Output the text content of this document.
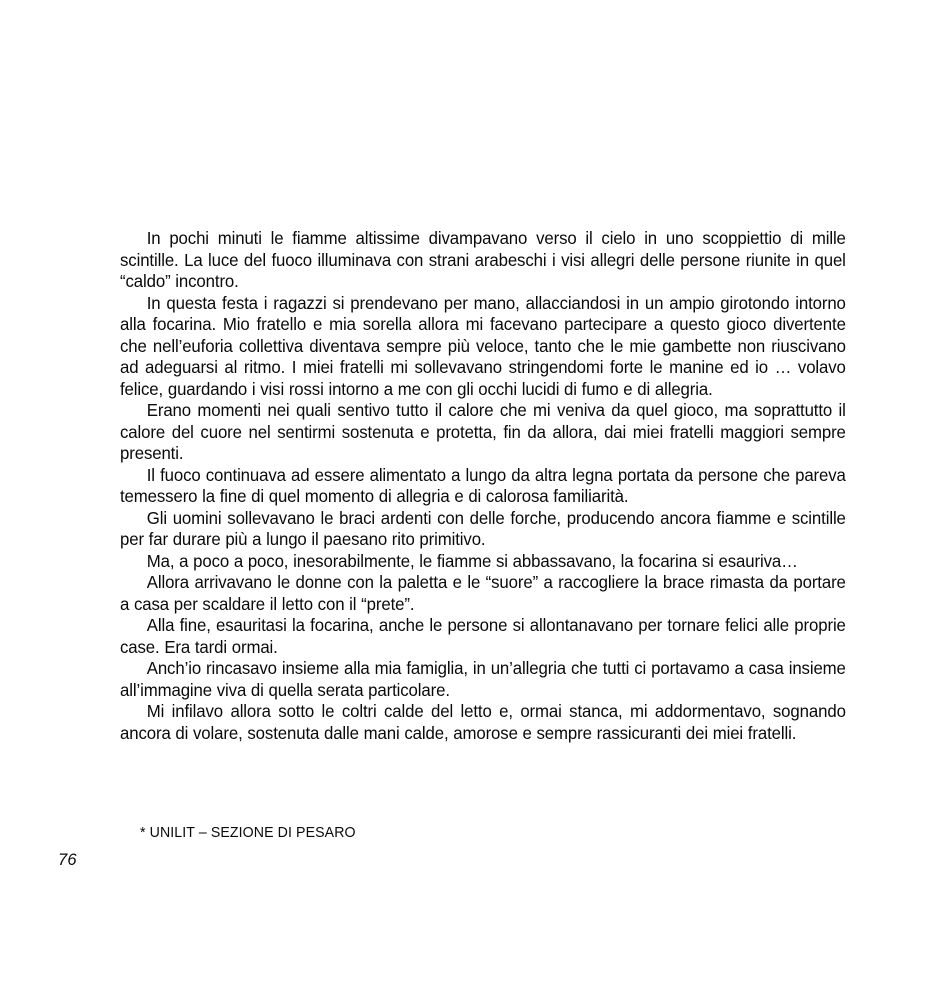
In pochi minuti le fiamme altissime divampavano verso il cielo in uno scoppiettio di mille scintille. La luce del fuoco illuminava con strani arabeschi i visi allegri delle persone riunite in quel “caldo” incontro.

In questa festa i ragazzi si prendevano per mano, allacciandosi in un ampio girotondo intorno alla focarina. Mio fratello e mia sorella allora mi facevano partecipare a questo gioco divertente che nell’euforia collettiva diventava sempre più veloce, tanto che le mie gambette non riuscivano ad adeguarsi al ritmo. I miei fratelli mi sollevavano stringendomi forte le manine ed io … volavo felice, guardando i visi rossi intorno a me con gli occhi lucidi di fumo e di allegria.

Erano momenti nei quali sentivo tutto il calore che mi veniva da quel gioco, ma soprattutto il calore del cuore nel sentirmi sostenuta e protetta, fin da allora, dai miei fratelli maggiori sempre presenti.

Il fuoco continuava ad essere alimentato a lungo da altra legna portata da persone che pareva temessero la fine di quel momento di allegria e di calorosa familiarità.

Gli uomini sollevavano le braci ardenti con delle forche, producendo ancora fiamme e scintille per far durare più a lungo il paesano rito primitivo.

Ma, a poco a poco, inesorabilmente, le fiamme si abbassavano, la focarina si esauriva…

Allora arrivavano le donne con la paletta e le “suore” a raccogliere la brace rimasta da portare a casa per scaldare il letto con il “prete”.

Alla fine, esauritasi la focarina, anche le persone si allontanavano per tornare felici alle proprie case. Era tardi ormai.

Anch’io rincasavo insieme alla mia famiglia, in un’allegria che tutti ci portavamo a casa insieme all’immagine viva di quella serata particolare.

Mi infilavo allora sotto le coltri calde del letto e, ormai stanca, mi addormentavo, sognando ancora di volare, sostenuta dalle mani calde, amorose e sempre rassicuranti dei miei fratelli.

* UNILIT – SEZIONE DI PESARO
76
